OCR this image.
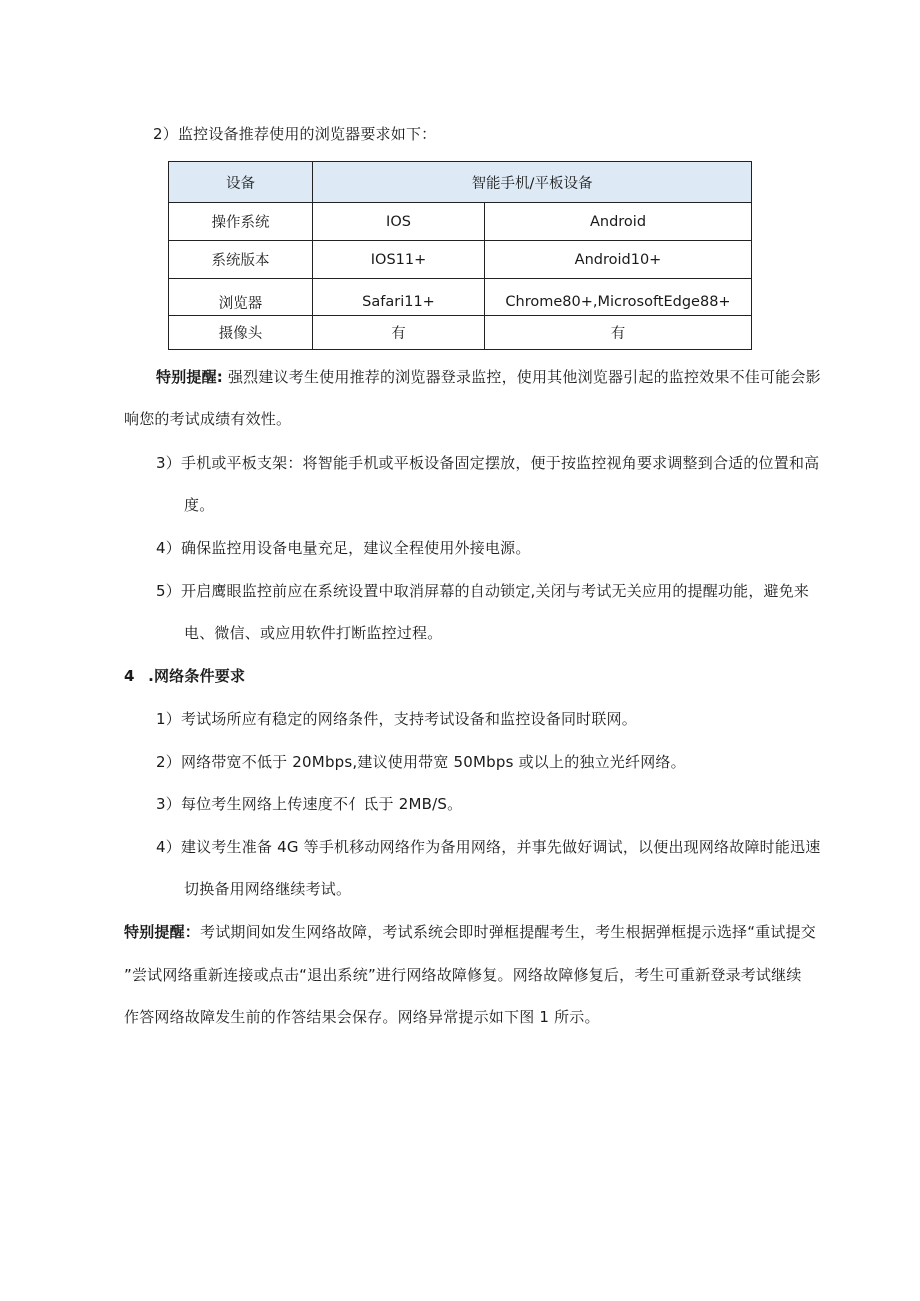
2）监控设备推荐使用的浏览器要求如下：
设备	智能手机/平板设备	
操作系统	IOS	Android
系统版本	IOS11+	Android10+
浏览器	Safari11+	Chrome80+,MicrosoftEdge88+
摄像头	有	有
特别提醒: 强烈建议考生使用推荐的浏览器登录监控，使用其他浏览器引起的监控效果不佳可能会影
响您的考试成绩有效性。
3）手机或平板支架：将智能手机或平板设备固定摆放，便于按监控视角要求调整到合适的位置和高
度。
4）确保监控用设备电量充足，建议全程使用外接电源。
5）开启鹰眼监控前应在系统设置中取消屏幕的自动锁定,关闭与考试无关应用的提醒功能，避免来
电、微信、或应用软件打断监控过程。
4 .网络条件要求
1）考试场所应有稳定的网络条件，支持考试设备和监控设备同时联网。
2）网络带宽不低于 20Mbps,建议使用带宽 50Mbps 或以上的独立光纤网络。
3）每位考生网络上传速度不亻氐于 2MB/S。
4）建议考生准备 4G 等手机移动网络作为备用网络，并事先做好调试，以便出现网络故障时能迅速
切换备用网络继续考试。
特别提醒：考试期间如发生网络故障，考试系统会即时弹框提醒考生，考生根据弹框提示选择“重试提交
”尝试网络重新连接或点击“退出系统”进行网络故障修复。网络故障修复后，考生可重新登录考试继续
作答网络故障发生前的作答结果会保存。网络异常提示如下图 1 所示。
